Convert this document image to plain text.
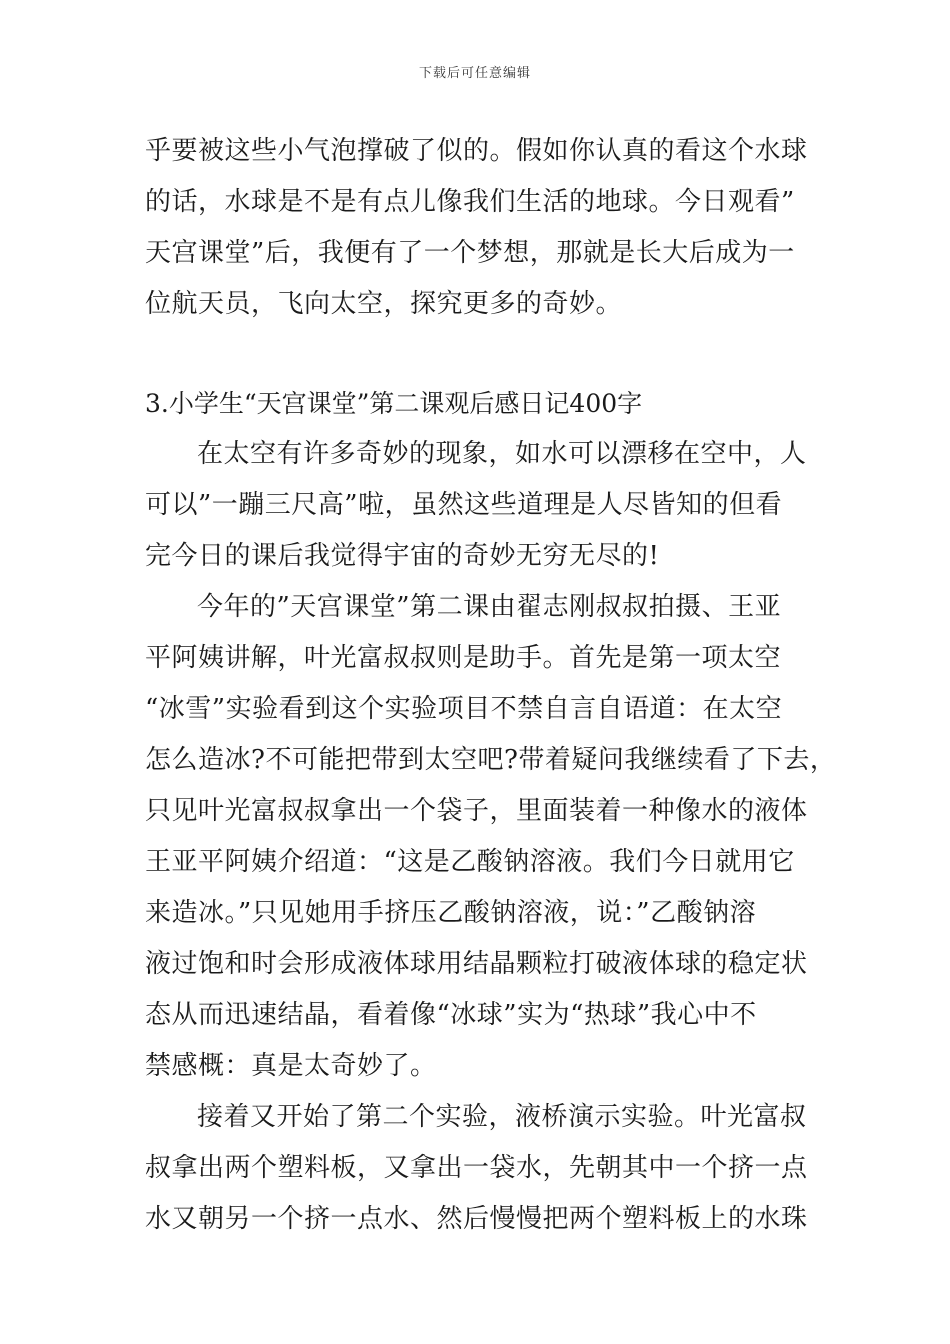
下载后可任意编辑
乎要被这些小气泡撑破了似的。假如你认真的看这个水球
的话，水球是不是有点儿像我们生活的地球。今日观看”
天宫课堂”后，我便有了一个梦想，那就是长大后成为一
位航天员，飞向太空，探究更多的奇妙。
3.小学生“天宫课堂”第二课观后感日记400字
在太空有许多奇妙的现象，如水可以漂移在空中，人
可以”一蹦三尺高”啦，虽然这些道理是人尽皆知的但看
完今日的课后我觉得宇宙的奇妙无穷无尽的!
今年的”天宫课堂”第二课由翟志刚叔叔拍摄、王亚
平阿姨讲解，叶光富叔叔则是助手。首先是第一项太空
“冰雪”实验看到这个实验项目不禁自言自语道：在太空
怎么造冰?不可能把带到太空吧?带着疑问我继续看了下去，
只见叶光富叔叔拿出一个袋子，里面装着一种像水的液体
王亚平阿姨介绍道：“这是乙酸钠溶液。我们今日就用它
来造冰。”只见她用手挤压乙酸钠溶液，说：”乙酸钠溶
液过饱和时会形成液体球用结晶颗粒打破液体球的稳定状
态从而迅速结晶，看着像“冰球”实为“热球”我心中不
禁感概：真是太奇妙了。
接着又开始了第二个实验，液桥演示实验。叶光富叔
叔拿出两个塑料板，又拿出一袋水，先朝其中一个挤一点
水又朝另一个挤一点水、然后慢慢把两个塑料板上的水珠
